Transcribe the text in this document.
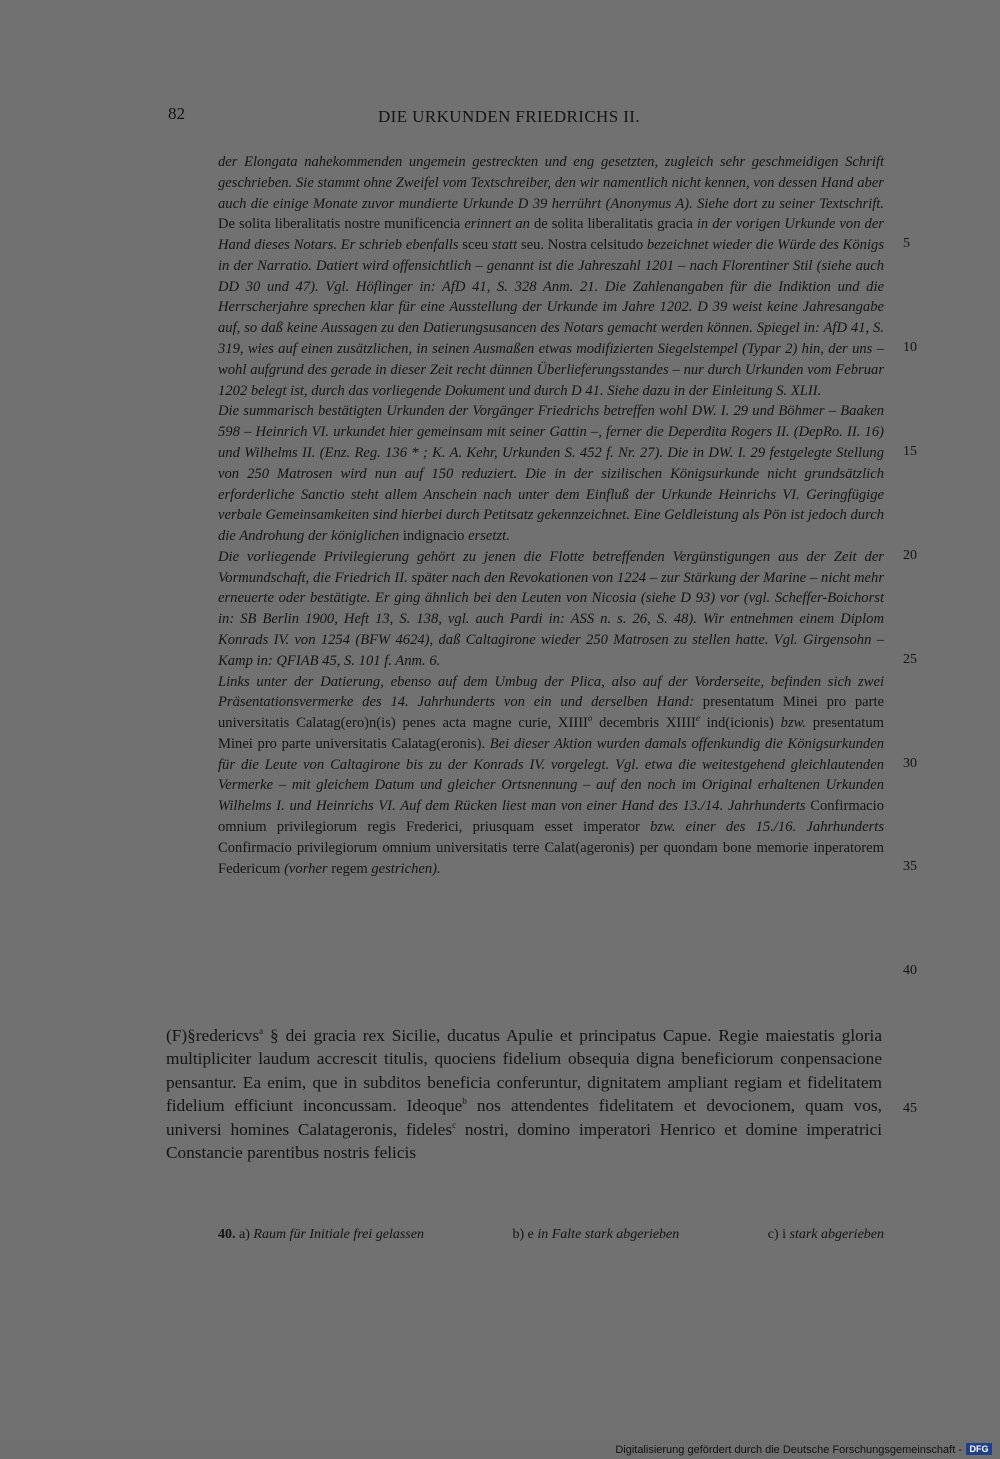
82	DIE URKUNDEN FRIEDRICHS II.

der Elongata nahekommenden ungemein gestreckten und eng gesetzten, zugleich sehr geschmeidigen Schrift geschrieben. Sie stammt ohne Zweifel vom Textschreiber, den wir namentlich nicht kennen, von dessen Hand aber auch die einige Monate zuvor mundierte Urkunde D 39 herrührt (Anonymus A). Siehe dort zu seiner Textschrift. De solita liberalitatis nostre munificencia erinnert an de solita liberalitatis gracia in der vorigen Urkunde von der Hand dieses Notars. Er schrieb ebenfalls sceu statt seu. Nostra celsitudo bezeichnet wieder die Würde des Königs in der Narratio. Datiert wird offensichtlich – genannt ist die Jahreszahl 1201 – nach Florentiner Stil (siehe auch DD 30 und 47). Vgl. Höflinger in: AfD 41, S. 328 Anm. 21. Die Zahlenangaben für die Indiktion und die Herrscherjahre sprechen klar für eine Ausstellung der Urkunde im Jahre 1202. D 39 weist keine Jahresangabe auf, so daß keine Aussagen zu den Datierungsusancen des Notars gemacht werden können. Spiegel in: AfD 41, S. 319, wies auf einen zusätzlichen, in seinen Ausmaßen etwas modifizierten Siegelstempel (Typar 2) hin, der uns – wohl aufgrund des gerade in dieser Zeit recht dünnen Überlieferungsstandes – nur durch Urkunden vom Februar 1202 belegt ist, durch das vorliegende Dokument und durch D 41. Siehe dazu in der Einleitung S. XLII.

Die summarisch bestätigten Urkunden der Vorgänger Friedrichs betreffen wohl DW. I. 29 und Böhmer – Baaken 598 – Heinrich VI. urkundet hier gemeinsam mit seiner Gattin –, ferner die Deperdita Rogers II. (DepRo. II. 16) und Wilhelms II. (Enz. Reg. 136 * ; K. A. Kehr, Urkunden S. 452 f. Nr. 27). Die in DW. I. 29 festgelegte Stellung von 250 Matrosen wird nun auf 150 reduziert. Die in der sizilischen Königsurkunde nicht grundsätzlich erforderliche Sanctio steht allem Anschein nach unter dem Einfluß der Urkunde Heinrichs VI. Geringfügige verbale Gemeinsamkeiten sind hierbei durch Petitsatz gekennzeichnet. Eine Geldleistung als Pön ist jedoch durch die Androhung der königlichen indignacio ersetzt.

Die vorliegende Privilegierung gehört zu jenen die Flotte betreffenden Vergünstigungen aus der Zeit der Vormundschaft, die Friedrich II. später nach den Revokationen von 1224 – zur Stärkung der Marine – nicht mehr erneuerte oder bestätigte. Er ging ähnlich bei den Leuten von Nicosia (siehe D 93) vor (vgl. Scheffer-Boichorst in: SB Berlin 1900, Heft 13, S. 138, vgl. auch Pardi in: ASS n. s. 26, S. 48). Wir entnehmen einem Diplom Konrads IV. von 1254 (BFW 4624), daß Caltagirone wieder 250 Matrosen zu stellen hatte. Vgl. Girgensohn – Kamp in: QFIAB 45, S. 101 f. Anm. 6.

Links unter der Datierung, ebenso auf dem Umbug der Plica, also auf der Vorderseite, befinden sich zwei Präsentationsvermerke des 14. Jahrhunderts von ein und derselben Hand: presentatum Minei pro parte universitatis Calatag(ero)n(is) penes acta magne curie, XIIII$^o$ decembris XIIIIe ind(icionis) bzw. presentatum Minei pro parte universitatis Calatag(eronis). Bei dieser Aktion wurden damals offenkundig die Königsurkunden für die Leute von Caltagirone bis zu der Konrads IV. vorgelegt. Vgl. etwa die weitestgehend gleichlautenden Vermerke – mit gleichem Datum und gleicher Ortsnennung – auf den noch im Original erhaltenen Urkunden Wilhelms I. und Heinrichs VI. Auf dem Rücken liest man von einer Hand des 13./14. Jahrhunderts Confirmacio omnium privilegiorum regis Frederici, priusquam esset imperator bzw. einer des 15./16. Jahrhunderts Confirmacio privilegiorum omnium universitatis terre Calat(ageronis) per quondam bone memorie inperatorem Federicum (vorher regem gestrichen).

(F)§redericvs$^a$ § dei gracia rex Sicilie, ducatus Apulie et principatus Capue. Regie maiestatis gloria multipliciter laudum accrescit titulis, quociens fidelium obsequia digna beneficiorum conpensacione pensantur. Ea enim, que in subditos beneficia conferuntur, dignitatem ampliant regiam et fidelitatem fidelium efficiunt inconcussam. Ideoque$^b$ nos attendentes fidelitatem et devocionem, quam vos, universi homines Calatageronis, fideles$^c$ nostri, domino imperatori Henrico et domine imperatrici Constancie parentibus nostris felicis

5
10
15
20
25
30
35
40
45
40. a) Raum für Initiale frei gelassen	b) e in Falte stark abgerieben	c) i stark abgerieben
Digitalisierung gefördert durch die Deutsche Forschungsgemeinschaft - DFG
